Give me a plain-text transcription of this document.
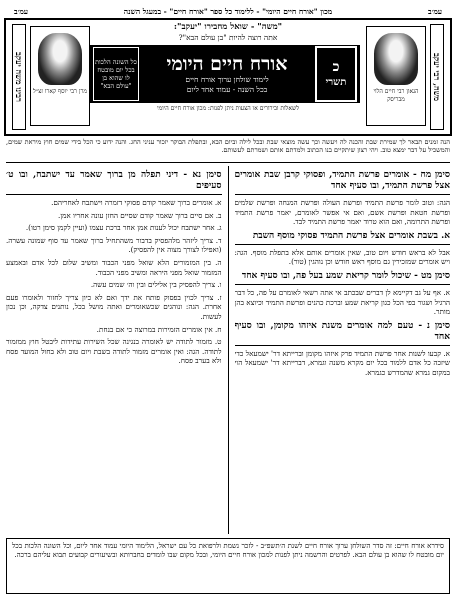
עמ׳ב
מכון "אורח חיים היומי" - ללימוד כל ספר "אורח חיים" - במעגל השנה
עמ׳ב
משה, רבי יעקב
הגאון רבי חיים הלוי מבריסק
"משה" - שואל מחבירו "יעקב":
אתה רוצה להיות "בן עולם הבא"?
כ
תשרי
אורח חיים היומי
לימוד שולחן ערוך אורח חיים
בכל השנה - עמוד אחד ליום
כל השונה הלכות בכל יום מובטח לו שהוא בן "עולם הבא"
לשאלות ובירורים או הצעות ניתן לפנות: מכון אורח חיים היומי
מרן רבי יוסף קארו זצ״ל
רבינו משה יעקב
הנה זמנים תבאר לך שמירת שבת והכנה לה ויעשה וכך עשה מוצאי שבת ובכל לילה וביום הבא, ובתפלת הבוקר יזכור עניני החג. והנה ידוע כי הכל בידי שמים חוץ מיראת שמים, והמשכיל על דבר ימצא טוב. ויהי רצון שיתקיים בנו הכתוב ולמדתם אותם ושמרתם לעשותם.
סימן מח - אומרים פרשת התמיד, ופסוקי קרבן שבת אומרים אצל פרשת התמיד, ובו סעיף אחד

הגה: וטוב לומר פרשת התמיד ופרשת העולה ופרשת המנחה ופרשת שלמים ופרשת חטאת ופרשת אשם, ואם אי אפשר לאומרם, יאמר פרשת התמיד ופרשת התרומה, ואם הוא טרוד יאמר פרשת התמיד לבד.

א. בשבת אומרים אצל פרשת התמיד פסוקי מוסף השבת

אבל לא בראש חודש ויום טוב, שאין אומרים אותם אלא בתפלת מוסף. הגה: ויש אומרים שמזכירין גם מוסף ראש חודש וכן נוהגין (טור).

סימן מט - שיכול לומר קריאת שמע בעל פה, ובו סעיף אחד

א. אף על גב דקיימא לן דברים שבכתב אי אתה רשאי לאומרם על פה, כל דבר הרגיל ושגור בפי הכל כגון קריאת שמע וברכת כהנים ופרשת התמיד וכיוצא בהן מותר.

סימן נ - טעם למה אומרים משנת איזהו מקומן, ובו סעיף אחד

א. קבעו לשנות אחר פרשת התמיד פרק איזהו מקומן וברייתא דר' ישמעאל כדי שיזכה כל אדם ללמוד בכל יום מקרא משנה וגמרא, דברייתא דר' ישמעאל הוי במקום גמרא שהמדרש כגמרא.

סימן נא - דיני תפלה מן ברוך שאמר עד ישתבח, ובו ט׳ סעיפים

א. אומרים ברוך שאמר קודם פסוקי דזמרה וישתבח לאחריהם.

ב. אם סיים ברוך שאמר קודם שסיים החזן עונה אחריו אמן.

ג. אחר ישתבח יכול לענות אמן אחר ברכת עצמו (ועיין לקמן סימן רטו).

ד. צריך ליזהר מלהפסיק בדבור משהתחיל ברוך שאמר עד סוף שמונה עשרה. (ואפילו לצורך מצוה אין להפסיק).

ה. בין המזמורים הלא שואל מפני הכבוד ומשיב שלום לכל אדם ובאמצע המזמור שואל מפני היראה ומשיב מפני הכבוד.

ו. צריך להפסיק בין אלילים ובין וה׳ שמים עשה.

ז. צריך לכוין בפסוק פותח את ידך ואם לא כיון צריך לחזור ולאומרו פעם אחרת. הגה: ונוהגים שכשאומרים ואתה מושל בכל, נותנים צדקה, וכן נכון לעשות.

ח. אין אומרים הזמירות במרוצה כי אם בנחת.

ט. מזמור לתודה יש לאומרה בנגינה שכל השירות עתידות ליבטל חוץ ממזמור לתודה. הגה: ואין אומרים מזמור לתודה בשבת ויום טוב ולא בחול המועד פסח ולא בערב פסח.

סידרא אורח חיים: זה סדר השולחן ערוך אורח חיים לשנת ה׳תשפ״ב - לזכר נשמת ולרפואת כל עם ישראל, הלימוד היומי עמוד אחד ליום, וכל השונה הלכות בכל יום מובטח לו שהוא בן עולם הבא. לפרטים והרשמה ניתן לפנות למכון אורח חיים היומי, ובכל מקום שבו לומדים בחברותא ובשיעורים קבועים תבוא עליהם ברכה.
